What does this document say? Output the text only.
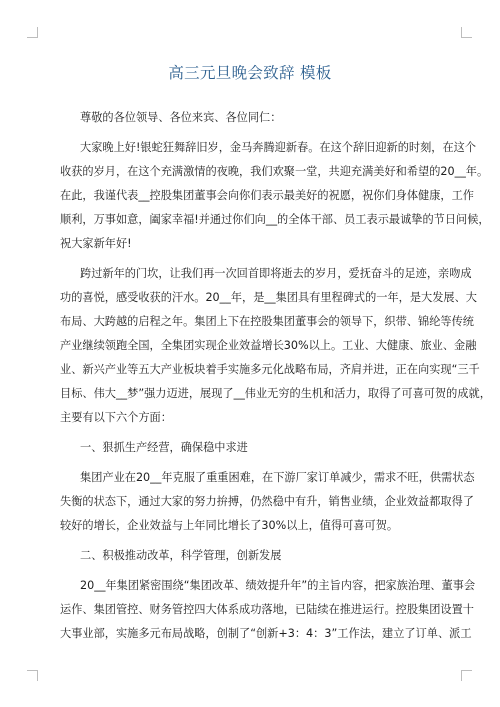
高三元旦晚会致辞 模板
尊敬的各位领导、各位来宾、各位同仁：
大家晚上好!银蛇狂舞辞旧岁，金马奔腾迎新春。在这个辞旧迎新的时刻，在这个
收获的岁月，在这个充满激情的夜晚，我们欢聚一堂，共迎充满美好和希望的20__年。
在此，我谨代表__控股集团董事会向你们表示最美好的祝愿，祝你们身体健康，工作
顺利，万事如意，阖家幸福!并通过你们向__的全体干部、员工表示最诚挚的节日问候，
祝大家新年好!
跨过新年的门坎，让我们再一次回首即将逝去的岁月，爱抚奋斗的足迹，亲吻成
功的喜悦，感受收获的汗水。20__年，是__集团具有里程碑式的一年，是大发展、大
布局、大跨越的启程之年。集团上下在控股集团董事会的领导下，织带、锦纶等传统
产业继续领跑全国，全集团实现企业效益增长30%以上。工业、大健康、旅业、金融
业、新兴产业等五大产业板块着手实施多元化战略布局，齐肩并进，正在向实现“三千
目标、伟大__梦”强力迈进，展现了__伟业无穷的生机和活力，取得了可喜可贺的成就，
主要有以下六个方面：
一、狠抓生产经营，确保稳中求进
集团产业在20__年克服了重重困难，在下游厂家订单减少，需求不旺，供需状态
失衡的状态下，通过大家的努力拚搏，仍然稳中有升，销售业绩，企业效益都取得了
较好的增长，企业效益与上年同比增长了30%以上，值得可喜可贺。
二、积极推动改革，科学管理，创新发展
20__年集团紧密围绕“集团改革、绩效提升年”的主旨内容，把家族治理、董事会
运作、集团管控、财务管控四大体系成功落地，已陆续在推进运行。控股集团设置十
大事业部，实施多元布局战略，创制了“创新+3：4：3”工作法，建立了订单、派工
